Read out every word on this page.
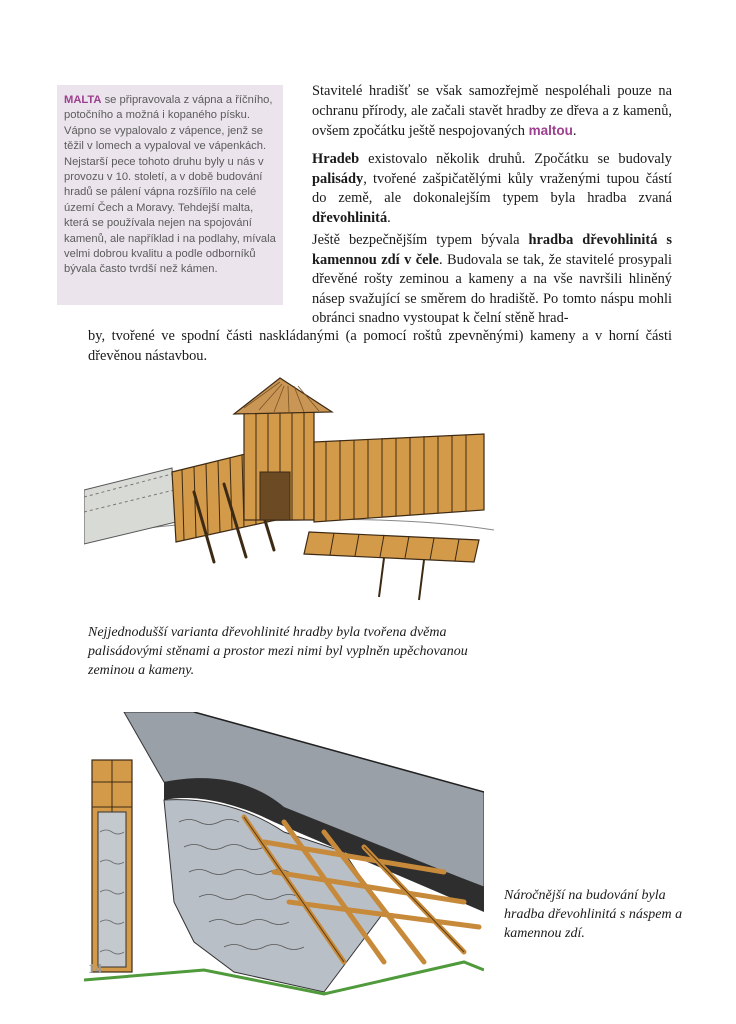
MALTA se připravovala z vápna a říčního, potočního a možná i kopaného písku. Vápno se vypalovalo z vápence, jenž se těžil v lomech a vypaloval ve vápenkách. Nejstarší pece tohoto druhu byly u nás v provozu v 10. století, a v době budování hradů se pálení vápna rozšířilo na celé území Čech a Moravy. Tehdejší malta, která se používala nejen na spojování kamenů, ale například i na podlahy, mívala velmi dobrou kvalitu a podle odborníků bývala často tvrdší než kámen.

Stavitelé hradišť se však samozřejmě nespoléhali pouze na ochranu přírody, ale začali stavět hradby ze dřeva a z kamenů, ovšem zpočátku ještě nespojovaných maltou.

Hradeb existovalo několik druhů. Zpočátku se budovaly palisády, tvořené zašpičatělými kůly vraženými tupou částí do země, ale dokonalejším typem byla hradba zvaná dřevohlinitá.

Ještě bezpečnějším typem bývala hradba dřevohlinitá s kamennou zdí v čele. Budovala se tak, že stavitelé prosypali dřevěné rošty zeminou a kameny a na vše navršili hliněný násep svažující se směrem do hradiště. Po tomto náspu mohli obránci snadno vystoupat k čelní stěně hrad-

by, tvořené ve spodní části naskládanými (a pomocí roštů zpevněnými) kameny a v horní části dřevěnou nástavbou.
Nejjednodušší varianta dřevohlinité hradby byla tvořena dvěma palisádovými stěnami a prostor mezi nimi byl vyplněn upěchovanou zeminou a kameny.
Náročnější na budování byla hradba dřevohlinitá s náspem a kamennou zdí.
14
